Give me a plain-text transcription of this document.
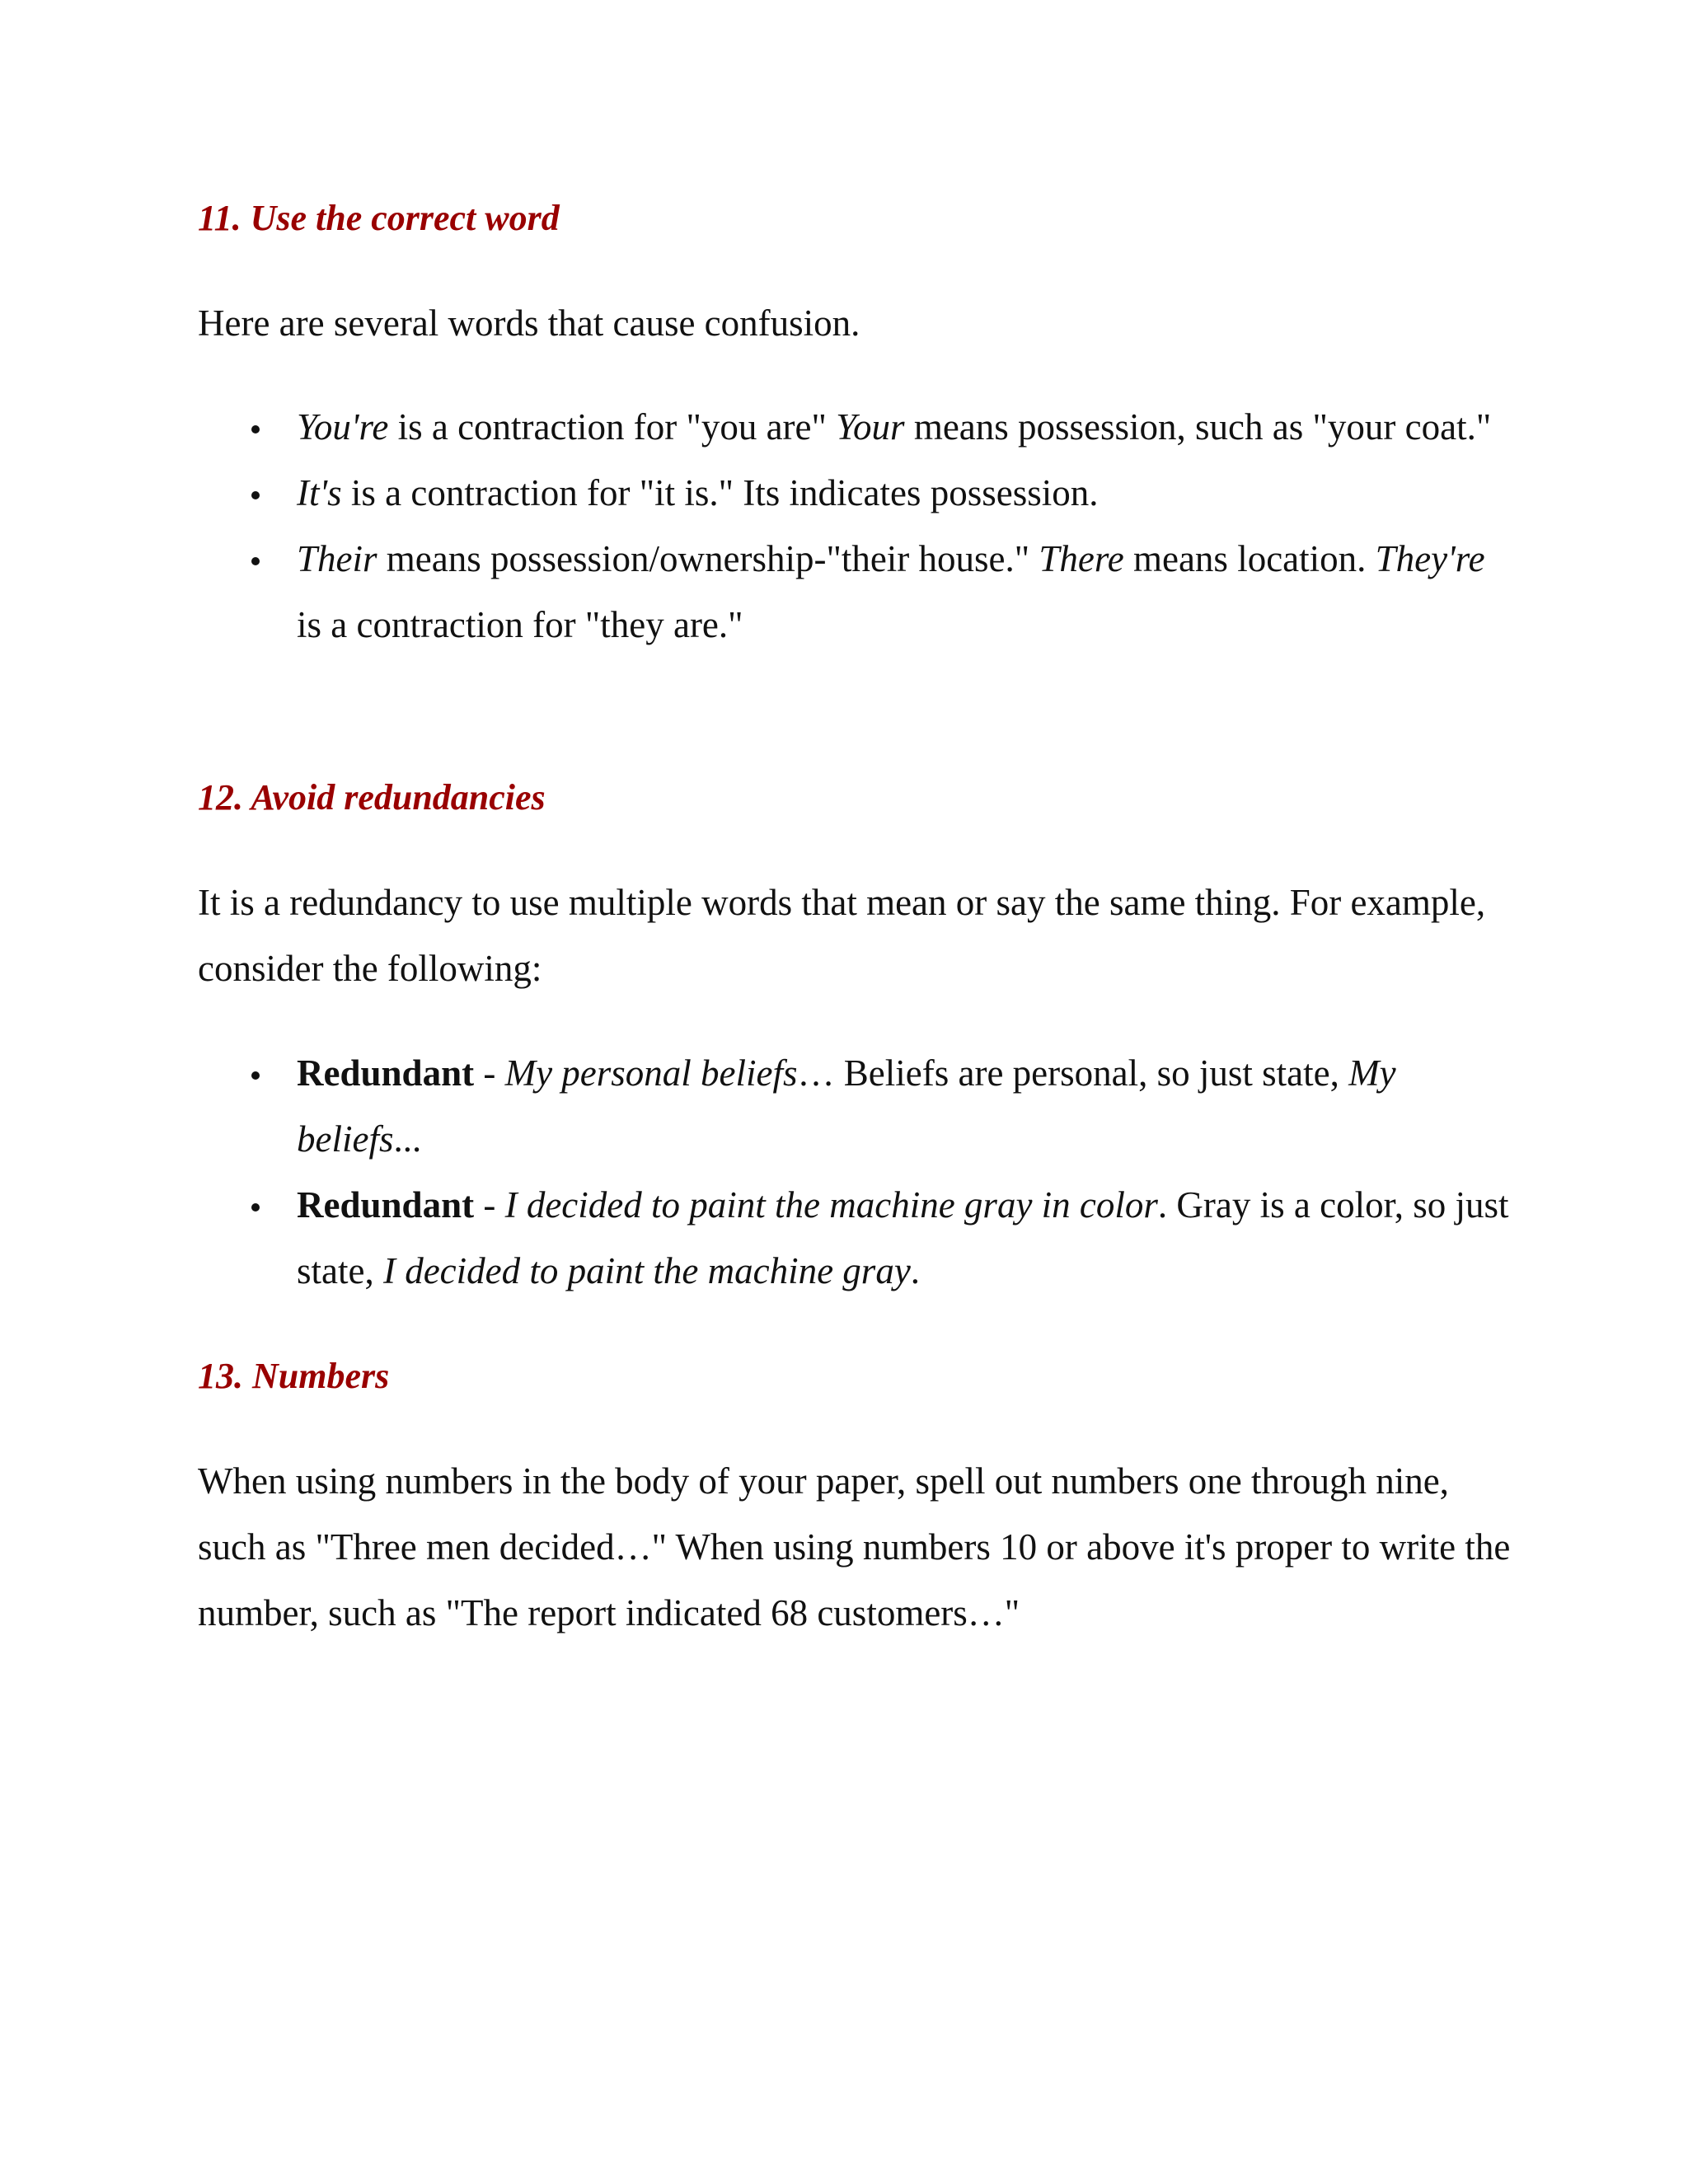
11. Use the correct word

Here are several words that cause confusion.

You're is a contraction for "you are" Your means possession, such as "your coat."
It's is a contraction for "it is." Its indicates possession.
Their means possession/ownership-"their house." There means location. They're is a contraction for "they are."
12. Avoid redundancies

It is a redundancy to use multiple words that mean or say the same thing. For example, consider the following:

Redundant - My personal beliefs… Beliefs are personal, so just state, My beliefs...
Redundant - I decided to paint the machine gray in color. Gray is a color, so just state, I decided to paint the machine gray.
13. Numbers

When using numbers in the body of your paper, spell out numbers one through nine, such as "Three men decided…" When using numbers 10 or above it's proper to write the number, such as "The report indicated 68 customers…"
